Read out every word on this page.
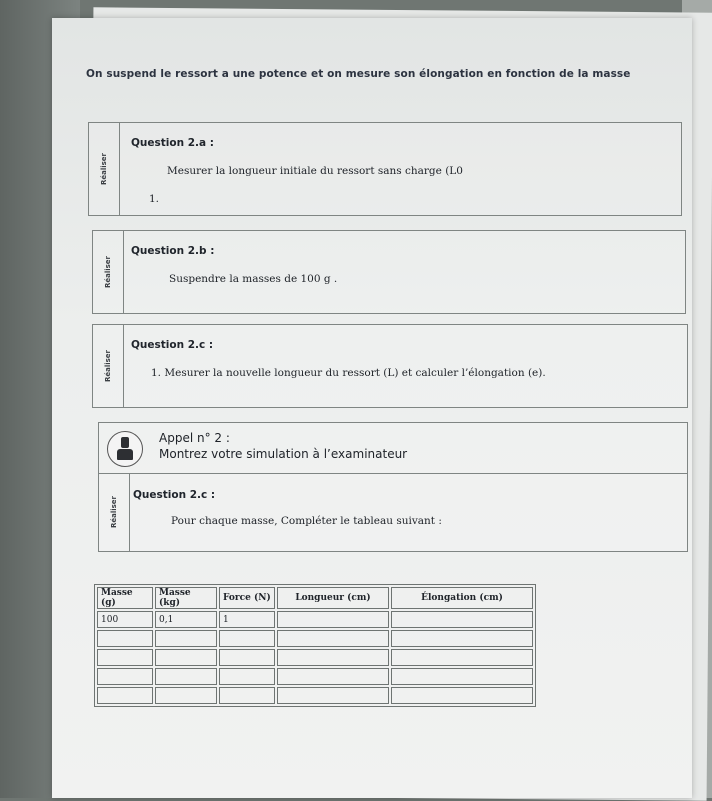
On suspend le ressort a une potence et on mesure son élongation en fonction de la masse
Réaliser
Question 2.a :
Mesurer la longueur initiale du ressort sans charge (L0
1.
Réaliser
Question 2.b :
Suspendre la masses de 100 g .
Réaliser
Question 2.c :
1. Mesurer la nouvelle longueur du ressort (L) et calculer l’élongation (e).
Appel n° 2 :
Montrez votre simulation à l’examinateur
Réaliser
Question 2.c :
Pour chaque masse, Compléter le tableau suivant :
Masse (g)	Masse (kg)	Force (N)	Longueur (cm)	Élongation (cm)
100	0,1	1		
